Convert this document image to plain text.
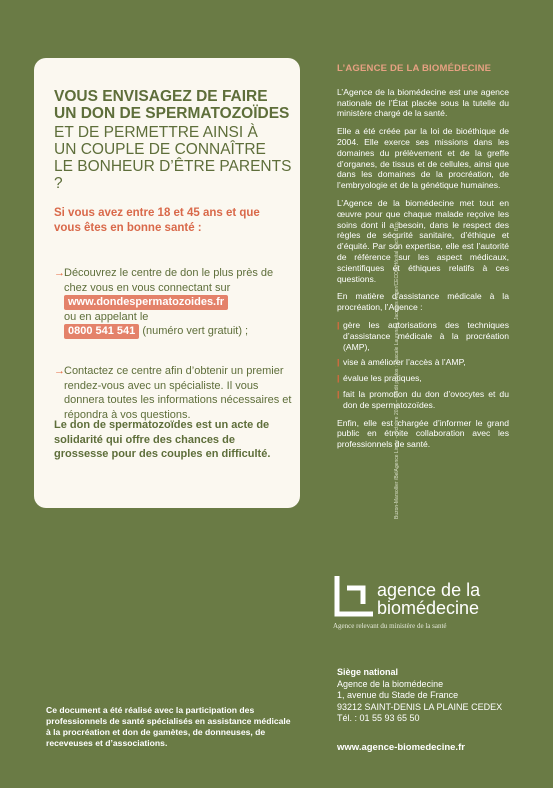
VOUS ENVISAGEZ DE FAIRE
UN DON DE SPERMATOZOÏDES
ET DE PERMETTRE AINSI À
UN COUPLE DE CONNAÎTRE
LE BONHEUR D’ÊTRE PARENTS ?

Si vous avez entre 18 et 45 ans et que vous êtes en bonne santé :

→ Découvrez le centre de don le plus près de chez vous en vous connectant sur
www.dondespermatozoides.fr
ou en appelant le
0800 541 541 (numéro vert gratuit) ;
→ Contactez ce centre afin d’obtenir un premier rendez-vous avec un spécialiste. Il vous donnera toutes les informations nécessaires et répondra à vos questions.

Le don de spermatozoïdes est un acte de solidarité qui offre des chances de grossesse pour des couples en difficulté.

L’AGENCE DE LA BIOMÉDECINE

L’Agence de la biomédecine est une agence nationale de l’État placée sous la tutelle du ministère chargé de la santé.

Elle a été créée par la loi de bioéthique de 2004. Elle exerce ses missions dans les domaines du prélèvement et de la greffe d’organes, de tissus et de cellules, ainsi que dans les domaines de la procréation, de l’embryologie et de la génétique humaines.

L’Agence de la biomédecine met tout en œuvre pour que chaque malade reçoive les soins dont il a besoin, dans le respect des règles de sécurité sanitaire, d’éthique et d’équité. Par son expertise, elle est l’autorité de référence sur les aspect médicaux, scientifiques et éthiques relatifs à ces questions.

En matière d’assistance médicale à la procréation, l’Agence :

| gère les autorisations des techniques d’assistance médicale à la procréation (AMP),
| vise à améliorer l’accès à l’AMP,
| évalue les pratiques,
| fait la promotion du don d’ovocytes et du don de spermatozoïdes.

Enfin, elle est chargée d’informer le grand public en étroite collaboration avec les professionnels de santé.

agence de la
biomédecine
Agence relevant du ministère de la santé
Siège national
Agence de la biomédecine
1, avenue du Stade de France
93212 SAINT-DENIS LA PLAINE CEDEX
Tél. : 01 55 93 65 50
www.agence-biomedecine.fr
Ce document a été réalisé avec la participation des professionnels de santé spécialisés en assistance médicale à la procréation et don de gamètes, de donneuses, de receveuses et d’associations.
Buzon-Marsollier /BelAgence Limite – Octobre 2018 – Crédit photos : Pascale Laurenant, Jacques Auger/CECOS/Hôpital Cochin, Bzp.
